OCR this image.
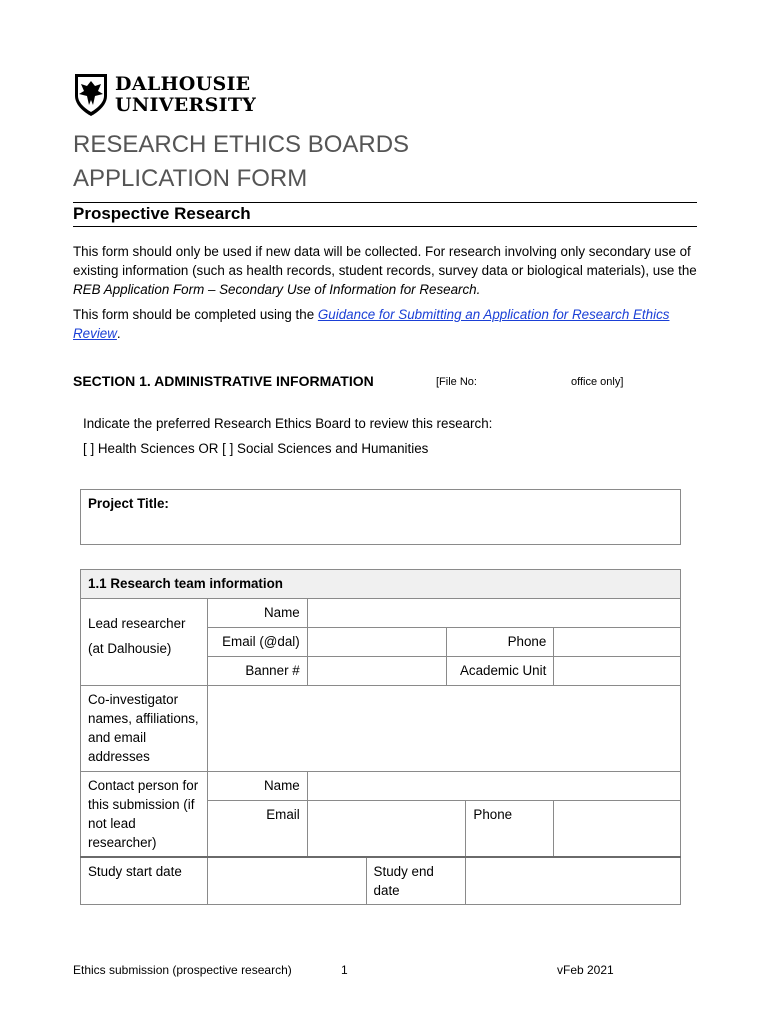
DALHOUSIE
UNIVERSITY
RESEARCH ETHICS BOARDS
APPLICATION FORM
Prospective Research
This form should only be used if new data will be collected. For research involving only secondary use of existing information (such as health records, student records, survey data or biological materials), use the REB Application Form – Secondary Use of Information for Research.
This form should be completed using the Guidance for Submitting an Application for Research Ethics Review.
SECTION 1. ADMINISTRATIVE INFORMATION	[File No:	office only]
Indicate the preferred Research Ethics Board to review this research:
[ ] Health Sciences OR [ ] Social Sciences and Humanities
Project Title:
1.1 Research team information						

Lead researcher
(at Dalhousie)	Name					
	Email (@dal)			Phone		
	Banner #			Academic Unit		
Co-investigator names, affiliations, and email addresses						
Contact person for this submission (if not lead researcher)	Name					
	Email				Phone	
Study start date			Study end date			
Ethics submission (prospective research)	1	vFeb 2021
